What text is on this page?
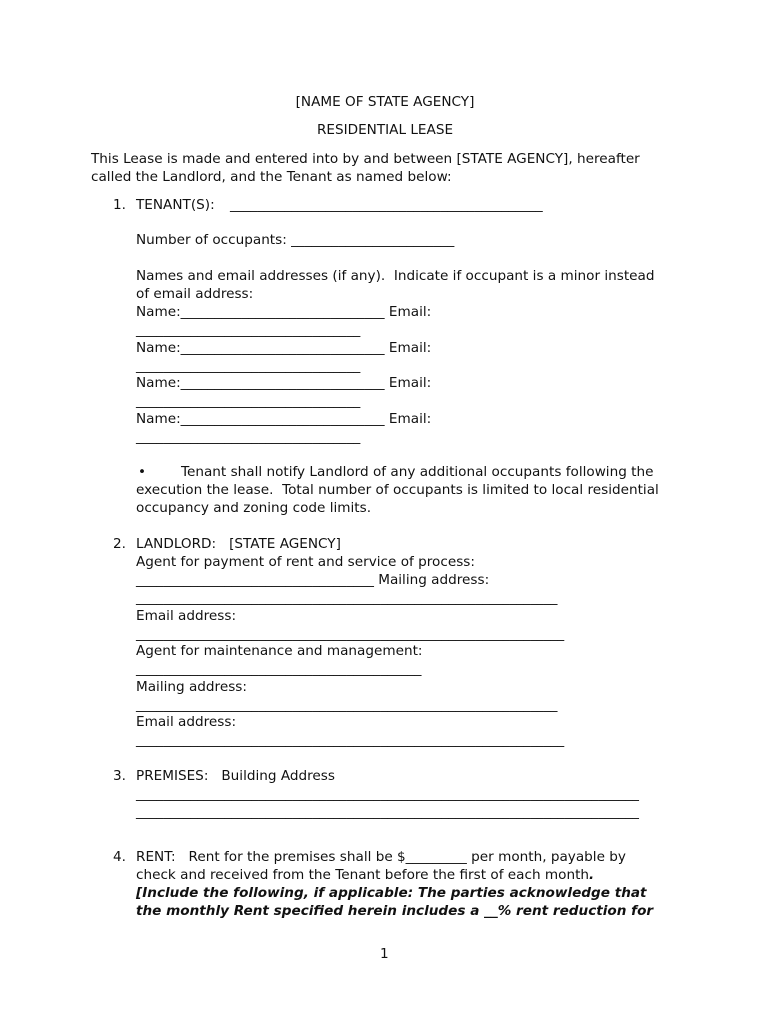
[NAME OF STATE AGENCY]
RESIDENTIAL LEASE
This Lease is made and entered into by and between [STATE AGENCY], hereafter
called the Landlord, and the Tenant as named below:
1. TENANT(S): ______________________________________________
Number of occupants: ________________________
Names and email addresses (if any).  Indicate if occupant is a minor instead
of email address:
Name:______________________________ Email:
_________________________________
Name:______________________________ Email:
_________________________________
Name:______________________________ Email:
_________________________________
Name:______________________________ Email:
_________________________________
•	Tenant shall notify Landlord of any additional occupants following the
execution the lease.  Total number of occupants is limited to local residential
occupancy and zoning code limits.
2. LANDLORD:   [STATE AGENCY]
Agent for payment of rent and service of process:
___________________________________ Mailing address:
______________________________________________________________
Email address:
_______________________________________________________________
Agent for maintenance and management:
__________________________________________
Mailing address:
______________________________________________________________
Email address:
_______________________________________________________________
3. PREMISES:   Building Address
__________________________________________________________________________
__________________________________________________________________________
4. RENT:   Rent for the premises shall be $_________ per month, payable by
check and received from the Tenant before the first of each month.
[Include the following, if applicable: The parties acknowledge that
the monthly Rent specified herein includes a __% rent reduction for
1
